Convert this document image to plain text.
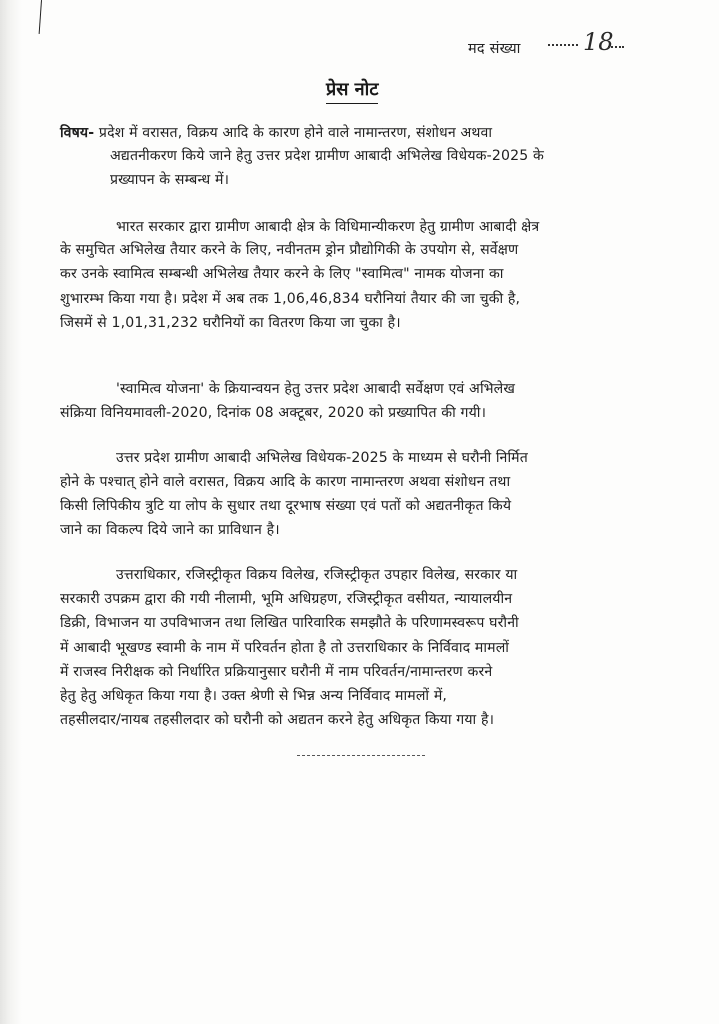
मद संख्या	18
प्रेस नोट
विषय- प्रदेश में वरासत, विक्रय आदि के कारण होने वाले नामान्तरण, संशोधन अथवा
अद्यतनीकरण किये जाने हेतु उत्तर प्रदेश ग्रामीण आबादी अभिलेख विधेयक-2025 के
प्रख्यापन के सम्बन्ध में।
भारत सरकार द्वारा ग्रामीण आबादी क्षेत्र के विधिमान्यीकरण हेतु ग्रामीण आबादी क्षेत्र
के समुचित अभिलेख तैयार करने के लिए, नवीनतम ड्रोन प्रौद्योगिकी के उपयोग से, सर्वेक्षण
कर उनके स्वामित्व सम्बन्धी अभिलेख तैयार करने के लिए "स्वामित्व" नामक योजना का
शुभारम्भ किया गया है। प्रदेश में अब तक 1,06,46,834 घरौनियां तैयार की जा चुकी है,
जिसमें से 1,01,31,232 घरौनियों का वितरण किया जा चुका है।
'स्वामित्व योजना' के क्रियान्वयन हेतु उत्तर प्रदेश आबादी सर्वेक्षण एवं अभिलेख
संक्रिया विनियमावली-2020, दिनांक 08 अक्टूबर, 2020 को प्रख्यापित की गयी।
उत्तर प्रदेश ग्रामीण आबादी अभिलेख विधेयक-2025 के माध्यम से घरौनी निर्मित
होने के पश्चात् होने वाले वरासत, विक्रय आदि के कारण नामान्तरण अथवा संशोधन तथा
किसी लिपिकीय त्रुटि या लोप के सुधार तथा दूरभाष संख्या एवं पतों को अद्यतनीकृत किये
जाने का विकल्प दिये जाने का प्राविधान है।
उत्तराधिकार, रजिस्ट्रीकृत विक्रय विलेख, रजिस्ट्रीकृत उपहार विलेख, सरकार या
सरकारी उपक्रम द्वारा की गयी नीलामी, भूमि अधिग्रहण, रजिस्ट्रीकृत वसीयत, न्यायालयीन
डिक्री, विभाजन या उपविभाजन तथा लिखित पारिवारिक समझौते के परिणामस्वरूप घरौनी
में आबादी भूखण्ड स्वामी के नाम में परिवर्तन होता है तो उत्तराधिकार के निर्विवाद मामलों
में राजस्व निरीक्षक को निर्धारित प्रक्रियानुसार घरौनी में नाम परिवर्तन/नामान्तरण करने
हेतु हेतु अधिकृत किया गया है। उक्त श्रेणी से भिन्न अन्य निर्विवाद मामलों में,
तहसीलदार/नायब तहसीलदार को घरौनी को अद्यतन करने हेतु अधिकृत किया गया है।
